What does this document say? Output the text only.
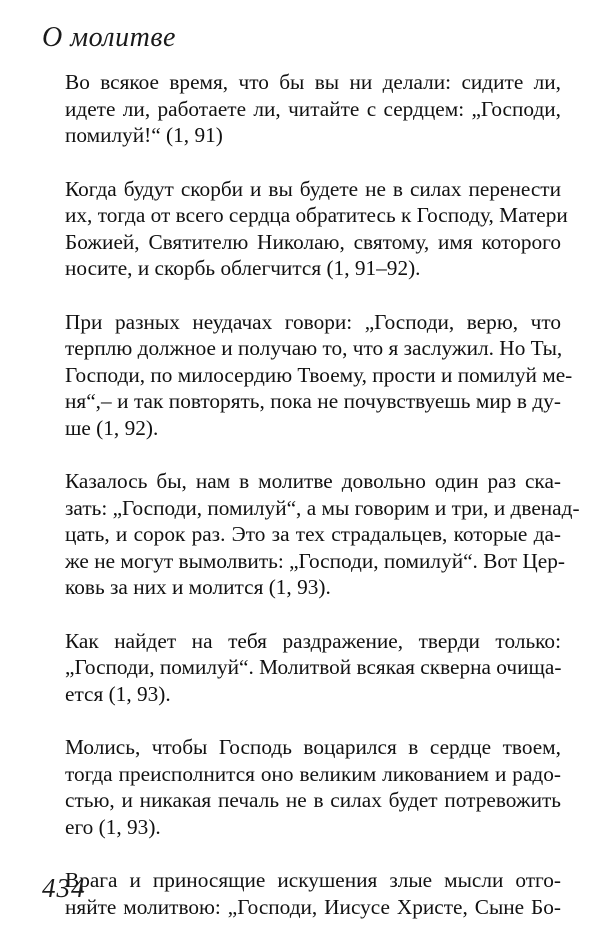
О молитве

Во всякое время, что бы вы ни делали: сидите ли,
идете ли, работаете ли, читайте с сердцем: „Господи,
помилуй!“ (1, 91)

Когда будут скорби и вы будете не в силах перенести
их, тогда от всего сердца обратитесь к Господу, Матери
Божией, Святителю Николаю, святому, имя которого
носите, и скорбь облегчится (1, 91–92).

При разных неудачах говори: „Господи, верю, что
терплю должное и получаю то, что я заслужил. Но Ты,
Господи, по милосердию Твоему, прости и помилуй ме-
ня“,– и так повторять, пока не почувствуешь мир в ду-
ше (1, 92).

Казалось бы, нам в молитве довольно один раз ска-
зать: „Господи, помилуй“, а мы говорим и три, и двенад-
цать, и сорок раз. Это за тех страдальцев, которые да-
же не могут вымолвить: „Господи, помилуй“. Вот Цер-
ковь за них и молится (1, 93).

Как найдет на тебя раздражение, тверди только:
„Господи, помилуй“. Молитвой всякая скверна очища-
ется (1, 93).

Молись, чтобы Господь воцарился в сердце твоем,
тогда преисполнится оно великим ликованием и радо-
стью, и никакая печаль не в силах будет потревожить
его (1, 93).

Врага и приносящие искушения злые мысли отго-
няйте молитвою: „Господи, Иисусе Христе, Сыне Бо-

434
